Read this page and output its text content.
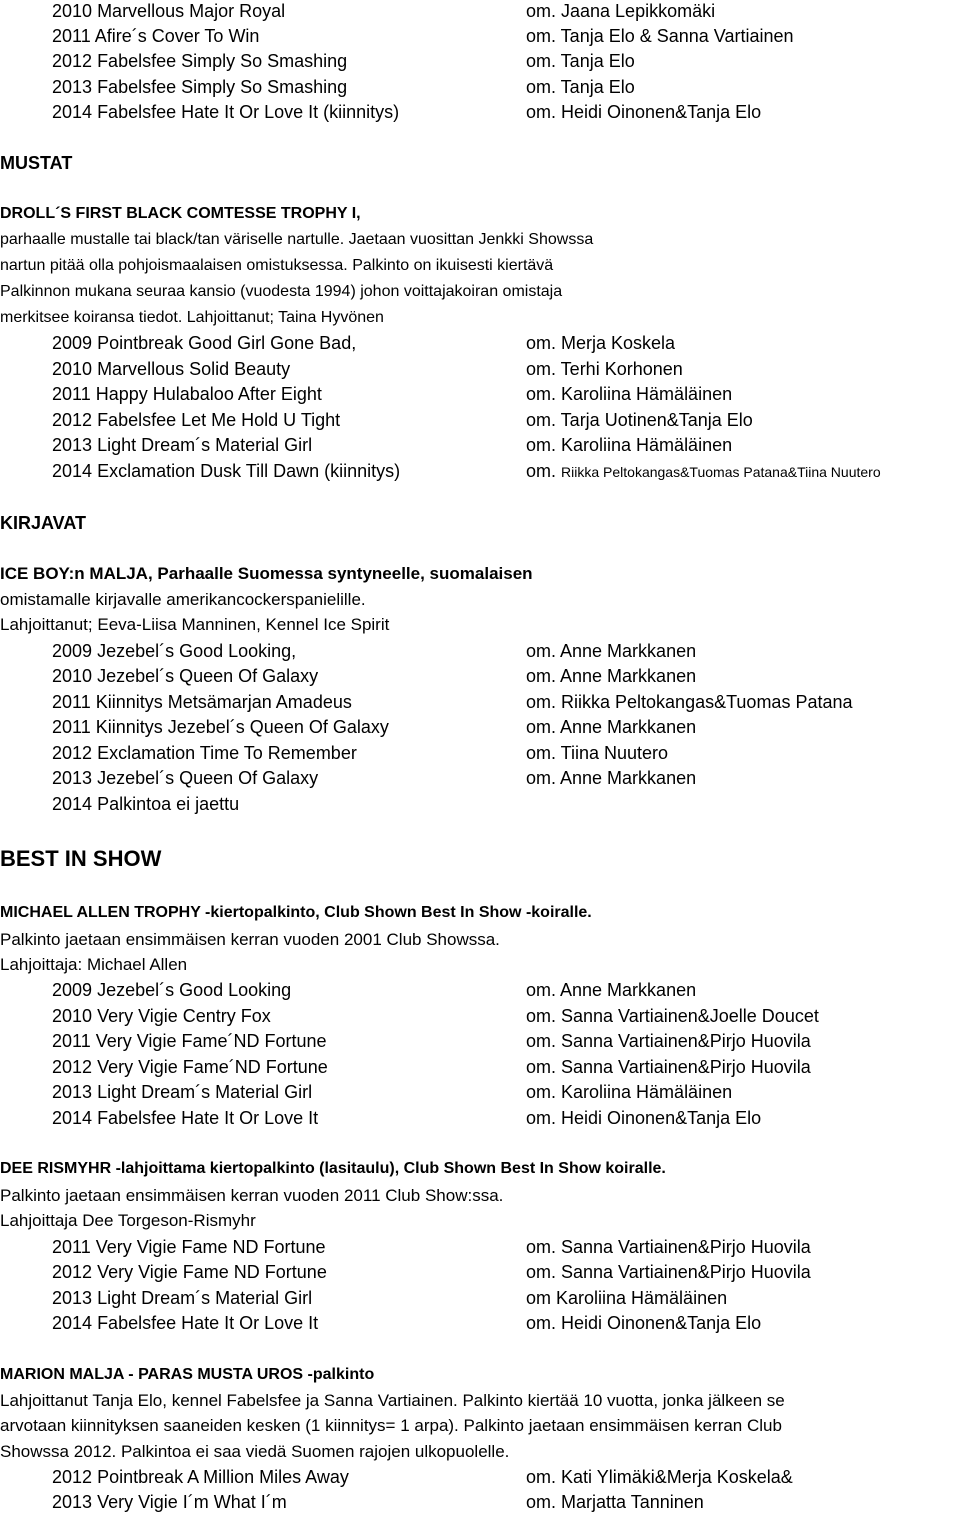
2010 Marvellous Major Royal	om. Jaana Lepikkomäki
2011 Afire´s Cover To Win	om. Tanja Elo & Sanna Vartiainen
2012 Fabelsfee Simply So Smashing	om. Tanja Elo
2013 Fabelsfee Simply So Smashing	om. Tanja Elo
2014 Fabelsfee Hate It Or Love It (kiinnitys)	om. Heidi Oinonen&Tanja Elo
MUSTAT
DROLL´S FIRST BLACK COMTESSE TROPHY I,
parhaalle mustalle tai black/tan väriselle nartulle. Jaetaan vuosittan Jenkki Showssa
nartun pitää olla pohjoismaalaisen omistuksessa. Palkinto on ikuisesti kiertävä
Palkinnon mukana seuraa kansio (vuodesta 1994) johon voittajakoiran omistaja
merkitsee koiransa tiedot. Lahjoittanut; Taina Hyvönen
2009 Pointbreak Good Girl Gone Bad,	om. Merja Koskela
2010 Marvellous Solid Beauty	om. Terhi Korhonen
2011 Happy Hulabaloo After Eight	om. Karoliina Hämäläinen
2012 Fabelsfee Let Me Hold U Tight	om. Tarja Uotinen&Tanja Elo
2013 Light Dream´s Material Girl	om. Karoliina Hämäläinen
2014 Exclamation Dusk Till Dawn (kiinnitys)	om. Riikka Peltokangas&Tuomas Patana&Tiina Nuutero
KIRJAVAT
ICE BOY:n MALJA, Parhaalle Suomessa syntyneelle, suomalaisen
omistamalle kirjavalle amerikancockerspanielille.
Lahjoittanut; Eeva-Liisa Manninen, Kennel Ice Spirit
2009 Jezebel´s Good Looking,	om. Anne Markkanen
2010 Jezebel´s Queen Of Galaxy	om. Anne Markkanen
2011 Kiinnitys Metsämarjan Amadeus	om. Riikka Peltokangas&Tuomas Patana
2011 Kiinnitys Jezebel´s Queen Of Galaxy	om. Anne Markkanen
2012 Exclamation Time To Remember	om. Tiina Nuutero
2013 Jezebel´s Queen Of Galaxy	om. Anne Markkanen
2014 Palkintoa ei jaettu
BEST IN SHOW
MICHAEL ALLEN TROPHY -kiertopalkinto, Club Shown Best In Show -koiralle.
Palkinto jaetaan ensimmäisen kerran vuoden 2001 Club Showssa.
Lahjoittaja: Michael Allen
2009 Jezebel´s Good Looking	om. Anne Markkanen
2010 Very Vigie Centry Fox	om. Sanna Vartiainen&Joelle Doucet
2011 Very Vigie Fame´ND Fortune	om. Sanna Vartiainen&Pirjo Huovila
2012 Very Vigie Fame´ND Fortune	om. Sanna Vartiainen&Pirjo Huovila
2013 Light Dream´s Material Girl	om. Karoliina Hämäläinen
2014 Fabelsfee Hate It Or Love It	om. Heidi Oinonen&Tanja Elo
DEE RISMYHR -lahjoittama kiertopalkinto (lasitaulu), Club Shown Best In Show koiralle.
Palkinto jaetaan ensimmäisen kerran vuoden 2011 Club Show:ssa.
Lahjoittaja Dee Torgeson-Rismyhr
2011 Very Vigie Fame ND Fortune	om. Sanna Vartiainen&Pirjo Huovila
2012 Very Vigie Fame ND Fortune	om. Sanna Vartiainen&Pirjo Huovila
2013 Light Dream´s Material Girl	om Karoliina Hämäläinen
2014 Fabelsfee Hate It Or Love It	om. Heidi Oinonen&Tanja Elo
MARION MALJA - PARAS MUSTA UROS -palkinto
Lahjoittanut Tanja Elo, kennel Fabelsfee ja Sanna Vartiainen. Palkinto kiertää 10 vuotta, jonka jälkeen se
arvotaan kiinnityksen saaneiden kesken (1 kiinnitys= 1 arpa). Palkinto jaetaan ensimmäisen kerran Club
Showssa 2012. Palkintoa ei saa viedä Suomen rajojen ulkopuolelle.
2012 Pointbreak A Million Miles Away	om. Kati Ylimäki&Merja Koskela&
2013 Very Vigie I´m What I´m	om. Marjatta Tanninen
